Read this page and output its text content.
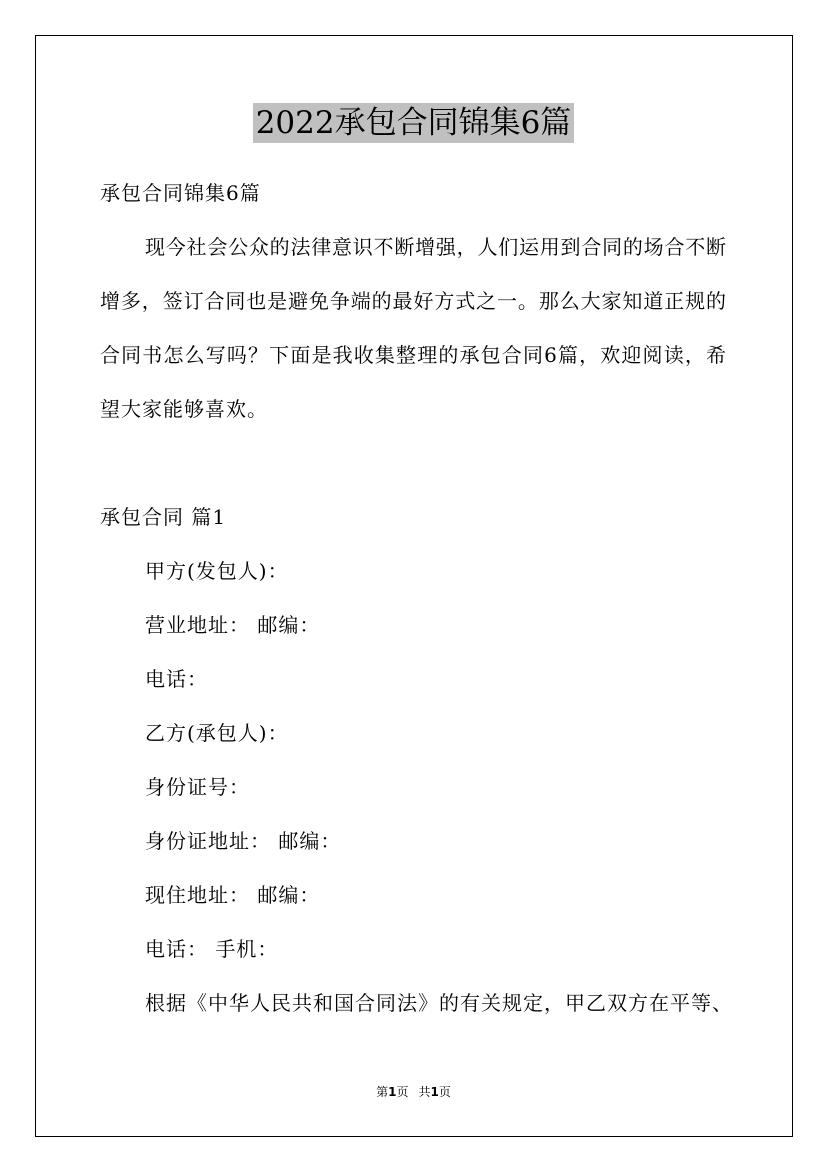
2022承包合同锦集6篇
承包合同锦集6篇
现今社会公众的法律意识不断增强，人们运用到合同的场合不断
增多，签订合同也是避免争端的最好方式之一。那么大家知道正规的
合同书怎么写吗？下面是我收集整理的承包合同6篇，欢迎阅读，希
望大家能够喜欢。
承包合同 篇1
甲方(发包人)：
营业地址： 邮编：
电话：
乙方(承包人)：
身份证号：
身份证地址： 邮编：
现住地址： 邮编：
电话： 手机：
根据《中华人民共和国合同法》的有关规定，甲乙双方在平等、
第1页 共1页
